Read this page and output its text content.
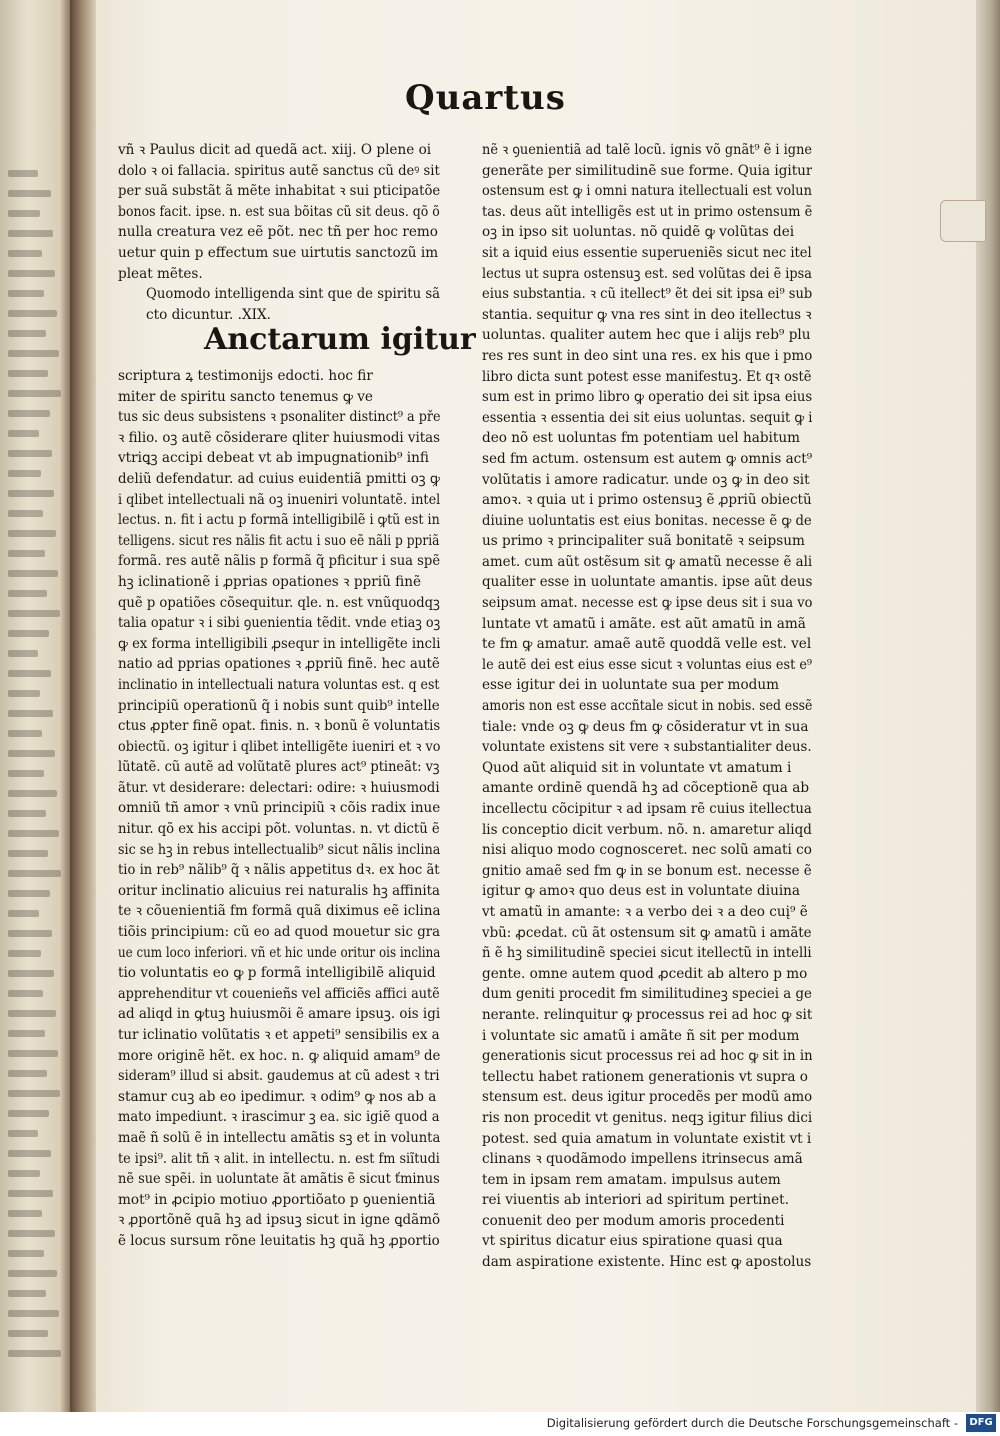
Quartus
vñ ꝛ Paulus dicit ad quedã act. xiij. O plene oi
dolo ꝛ oi fallacia. spiritus autẽ sanctus cũ deꝰ sit
per suã substãt ã mẽte inhabitat ꝛ sui pticipatõe
bonos facit. ipse. n. est sua bõitas cũ sit deus. qõ õ
nulla creatura vez eẽ põt. nec tñ per hoc remo
uetur quin p effectum sue uirtutis sanctozũ im
pleat mẽtes.
Quomodo intelligenda sint que de spiritu sã
cto dicuntur. .XIX.
Anctarum igitur
scriptura ꝝ testimonijs edocti. hoc fir
miter de spiritu sancto tenemus ꝙ ve
tus sic deus subsistens ꝛ psonaliter distinct⁹ a pře
ꝛ filio. oꝫ autẽ cõsiderare qliter huiusmodi vitas
vtriꝗꝫ accipi debeat vt ab impugnationib⁹ infi
deliũ defendatur. ad cuius euidentiã pmitti oꝫ ꝙ
i qlibet intellectuali nã oꝫ inueniri voluntatẽ. intel
lectus. n. fit i actu p formã intelligibilẽ i ꝙtũ est in
telligens. sicut res nãlis fit actu i suo eẽ nãli p ppriã
formã. res autẽ nãlis p formã q̃ pficitur i sua spẽ
hꝫ iclinationẽ i ꝓprias opationes ꝛ ppriũ finẽ
quẽ p opatiões cõsequitur. qle. n. est vnũquodqꝫ
talia opatur ꝛ i sibi ꝯuenientia tẽdit. vnde etiaꝫ oꝫ
ꝙ ex forma intelligibili ꝓsequr in intelligẽte incli
natio ad pprias opationes ꝛ ꝓpriũ finẽ. hec autẽ
inclinatio in intellectuali natura voluntas est. q est
principiũ operationũ q̃ i nobis sunt quib⁹ intelle
ctus ꝓpter finẽ opat. finis. n. ꝛ bonũ ẽ voluntatis
obiectũ. oꝫ igitur i qlibet intelligẽte iueniri et ꝛ vo
lũtatẽ. cũ autẽ ad volũtatẽ plures act⁹ ptineãt: vꝫ
ãtur. vt desiderare: delectari: odire: ꝛ huiusmodi
omniũ tñ amor ꝛ vnũ principiũ ꝛ cõis radix inue
nitur. qõ ex his accipi põt. voluntas. n. vt dictũ ẽ
sic se hꝫ in rebus intellectualib⁹ sicut nãlis inclina
tio in reb⁹ nãlib⁹ q̃ ꝛ nãlis appetitus dꝛ. ex hoc ãt
oritur inclinatio alicuius rei naturalis hꝫ affinita
te ꝛ cõuenientiã fm formã quã diximus eẽ iclina
tiõis principium: cũ eo ad quod mouetur sic gra
ue cum loco inferiori. vñ et hic unde oritur ois inclina
tio voluntatis eo ꝙ p formã intelligibilẽ aliquid
apprehenditur vt couenieñs vel afficiẽs affici autẽ
ad aliqd in ꝙtuꝫ huiusmõi ẽ amare ipsuꝫ. ois igi
tur iclinatio volũtatis ꝛ et appeti⁹ sensibilis ex a
more originẽ hẽt. ex hoc. n. ꝙ aliquid amam⁹ de
sideram⁹ illud si absit. gaudemus at cũ adest ꝛ tri
stamur cuꝫ ab eo ipedimur. ꝛ odim⁹ ꝙ nos ab a
mato impediunt. ꝛ irascimur ꝫ ea. sic igiẽ quod a
maẽ ñ solũ ẽ in intellectu amãtis sꝫ et in volunta
te ipsi⁹. alit tñ ꝛ alit. in intellectu. n. est fm siĩtudi
nẽ sue spẽi. in uoluntate ãt amãtis ẽ sicut ťminus
mot⁹ in ꝓcipio motiuo ꝓportiõato p ꝯuenientiã
ꝛ ꝓportõnẽ quã hꝫ ad ipsuꝫ sicut in igne ꝗdãmõ
ẽ locus sursum rõne leuitatis hꝫ quã hꝫ ꝓportio
nẽ ꝛ ꝯuenientiã ad talẽ locũ. ignis võ gnãt⁹ ẽ i igne
generãte per similitudinẽ sue forme. Quia igitur
ostensum est ꝙ i omni natura itellectuali est volun
tas. deus aũt intelligẽs est ut in primo ostensum ẽ
oꝫ in ipso sit uoluntas. nõ quidẽ ꝙ volũtas dei
sit a iquid eius essentie superueniẽs sicut nec itel
lectus ut supra ostensuꝫ est. sed volũtas dei ẽ ipsa
eius substantia. ꝛ cũ itellect⁹ ẽt dei sit ipsa ei⁹ sub
stantia. sequitur ꝙ vna res sint in deo itellectus ꝛ
uoluntas. qualiter autem hec que i alijs reb⁹ plu
res res sunt in deo sint una res. ex his que i pmo
libro dicta sunt potest esse manifestuꝫ. Et qꝛ ostẽ
sum est in primo libro ꝙ operatio dei sit ipsa eius
essentia ꝛ essentia dei sit eius uoluntas. sequit ꝙ i
deo nõ est uoluntas fm potentiam uel habitum
sed fm actum. ostensum est autem ꝙ omnis act⁹
volũtatis i amore radicatur. unde oꝫ ꝙ in deo sit
amoꝛ. ꝛ quia ut i primo ostensuꝫ ẽ ꝓpriũ obiectũ
diuine uoluntatis est eius bonitas. necesse ẽ ꝙ de
us primo ꝛ principaliter suã bonitatẽ ꝛ seipsum
amet. cum aũt ostẽsum sit ꝙ amatũ necesse ẽ ali
qualiter esse in uoluntate amantis. ipse aũt deus
seipsum amat. necesse est ꝙ ipse deus sit i sua vo
luntate vt amatũ i amãte. est aũt amatũ in amã
te fm ꝙ amatur. amaẽ autẽ quoddã velle est. vel
le autẽ dei est eius esse sicut ꝛ voluntas eius est e⁹
esse igitur dei in uoluntate sua per modum
amoris non est esse accñtale sicut in nobis. sed essẽ
tiale: vnde oꝫ ꝙ deus fm ꝙ cõsideratur vt in sua
voluntate existens sit vere ꝛ substantialiter deus.
Quod aũt aliquid sit in voluntate vt amatum i
amante ordinẽ quendã hꝫ ad cõceptionẽ qua ab
incellectu cõcipitur ꝛ ad ipsam rẽ cuius itellectua
lis conceptio dicit verbum. nõ. n. amaretur aliqd
nisi aliquo modo cognosceret. nec solũ amati co
gnitio amaẽ sed fm ꝙ in se bonum est. necesse ẽ
igitur ꝙ amoꝛ quo deus est in voluntate diuina
vt amatũ in amante: ꝛ a verbo dei ꝛ a deo cuį⁹ ẽ
vbũ: ꝓcedat. cũ ãt ostensum sit ꝙ amatũ i amãte
ñ ẽ hꝫ similitudinẽ speciei sicut itellectũ in intelli
gente. omne autem quod ꝓcedit ab altero p mo
dum geniti procedit fm similitudineꝫ speciei a ge
nerante. relinquitur ꝙ processus rei ad hoc ꝙ sit
i voluntate sic amatũ i amãte ñ sit per modum
generationis sicut processus rei ad hoc ꝙ sit in in
tellectu habet rationem generationis vt supra o
stensum est. deus igitur procedẽs per modũ amo
ris non procedit vt genitus. neqꝫ igitur filius dici
potest. sed quia amatum in voluntate existit vt i
clinans ꝛ quodãmodo impellens itrinsecus amã
tem in ipsam rem amatam. impulsus autem
rei viuentis ab interiori ad spiritum pertinet.
conuenit deo per modum amoris procedenti
vt spiritus dicatur eius spiratione quasi qua
dam aspiratione existente. Hinc est ꝙ apostolus
Digitalisierung gefördert durch die Deutsche Forschungsgemeinschaft -	DFG
